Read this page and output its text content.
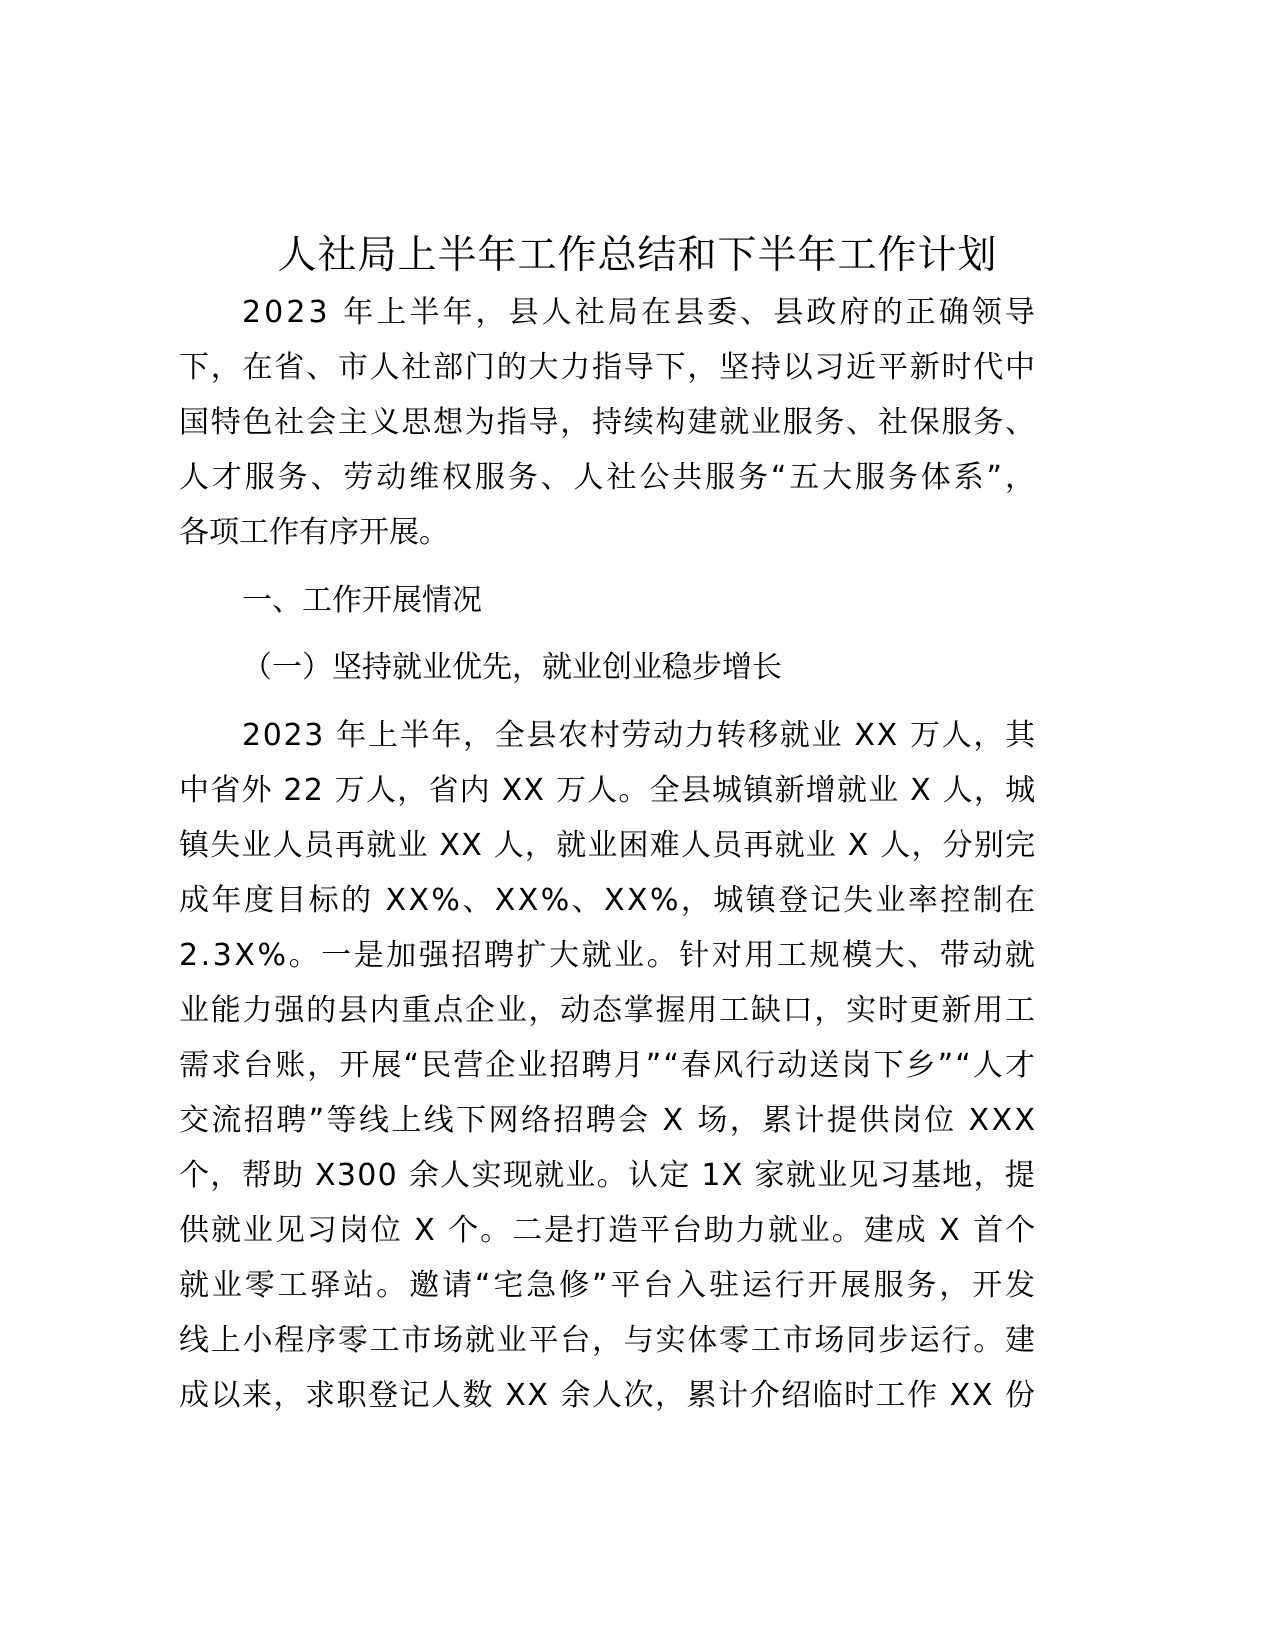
人社局上半年工作总结和下半年工作计划

2023 年上半年，县人社局在县委、县政府的正确领导

下，在省、市人社部门的大力指导下，坚持以习近平新时代中

国特色社会主义思想为指导，持续构建就业服务、社保服务、

人才服务、劳动维权服务、人社公共服务“五大服务体系”，

各项工作有序开展。

一、工作开展情况

（一）坚持就业优先，就业创业稳步增长

2023 年上半年，全县农村劳动力转移就业 XX 万人，其

中省外 22 万人，省内 XX 万人。全县城镇新增就业 X 人，城

镇失业人员再就业 XX 人，就业困难人员再就业 X 人，分别完

成年度目标的 XX%、XX%、XX%，城镇登记失业率控制在

2.3X%。一是加强招聘扩大就业。针对用工规模大、带动就

业能力强的县内重点企业，动态掌握用工缺口，实时更新用工

需求台账，开展“民营企业招聘月”“春风行动送岗下乡”“人才

交流招聘”等线上线下网络招聘会 X 场，累计提供岗位 XXX

个，帮助 X300 余人实现就业。认定 1X 家就业见习基地，提

供就业见习岗位 X 个。二是打造平台助力就业。建成 X 首个

就业零工驿站。邀请“宅急修”平台入驻运行开展服务，开发

线上小程序零工市场就业平台，与实体零工市场同步运行。建

成以来，求职登记人数 XX 余人次，累计介绍临时工作 XX 份
